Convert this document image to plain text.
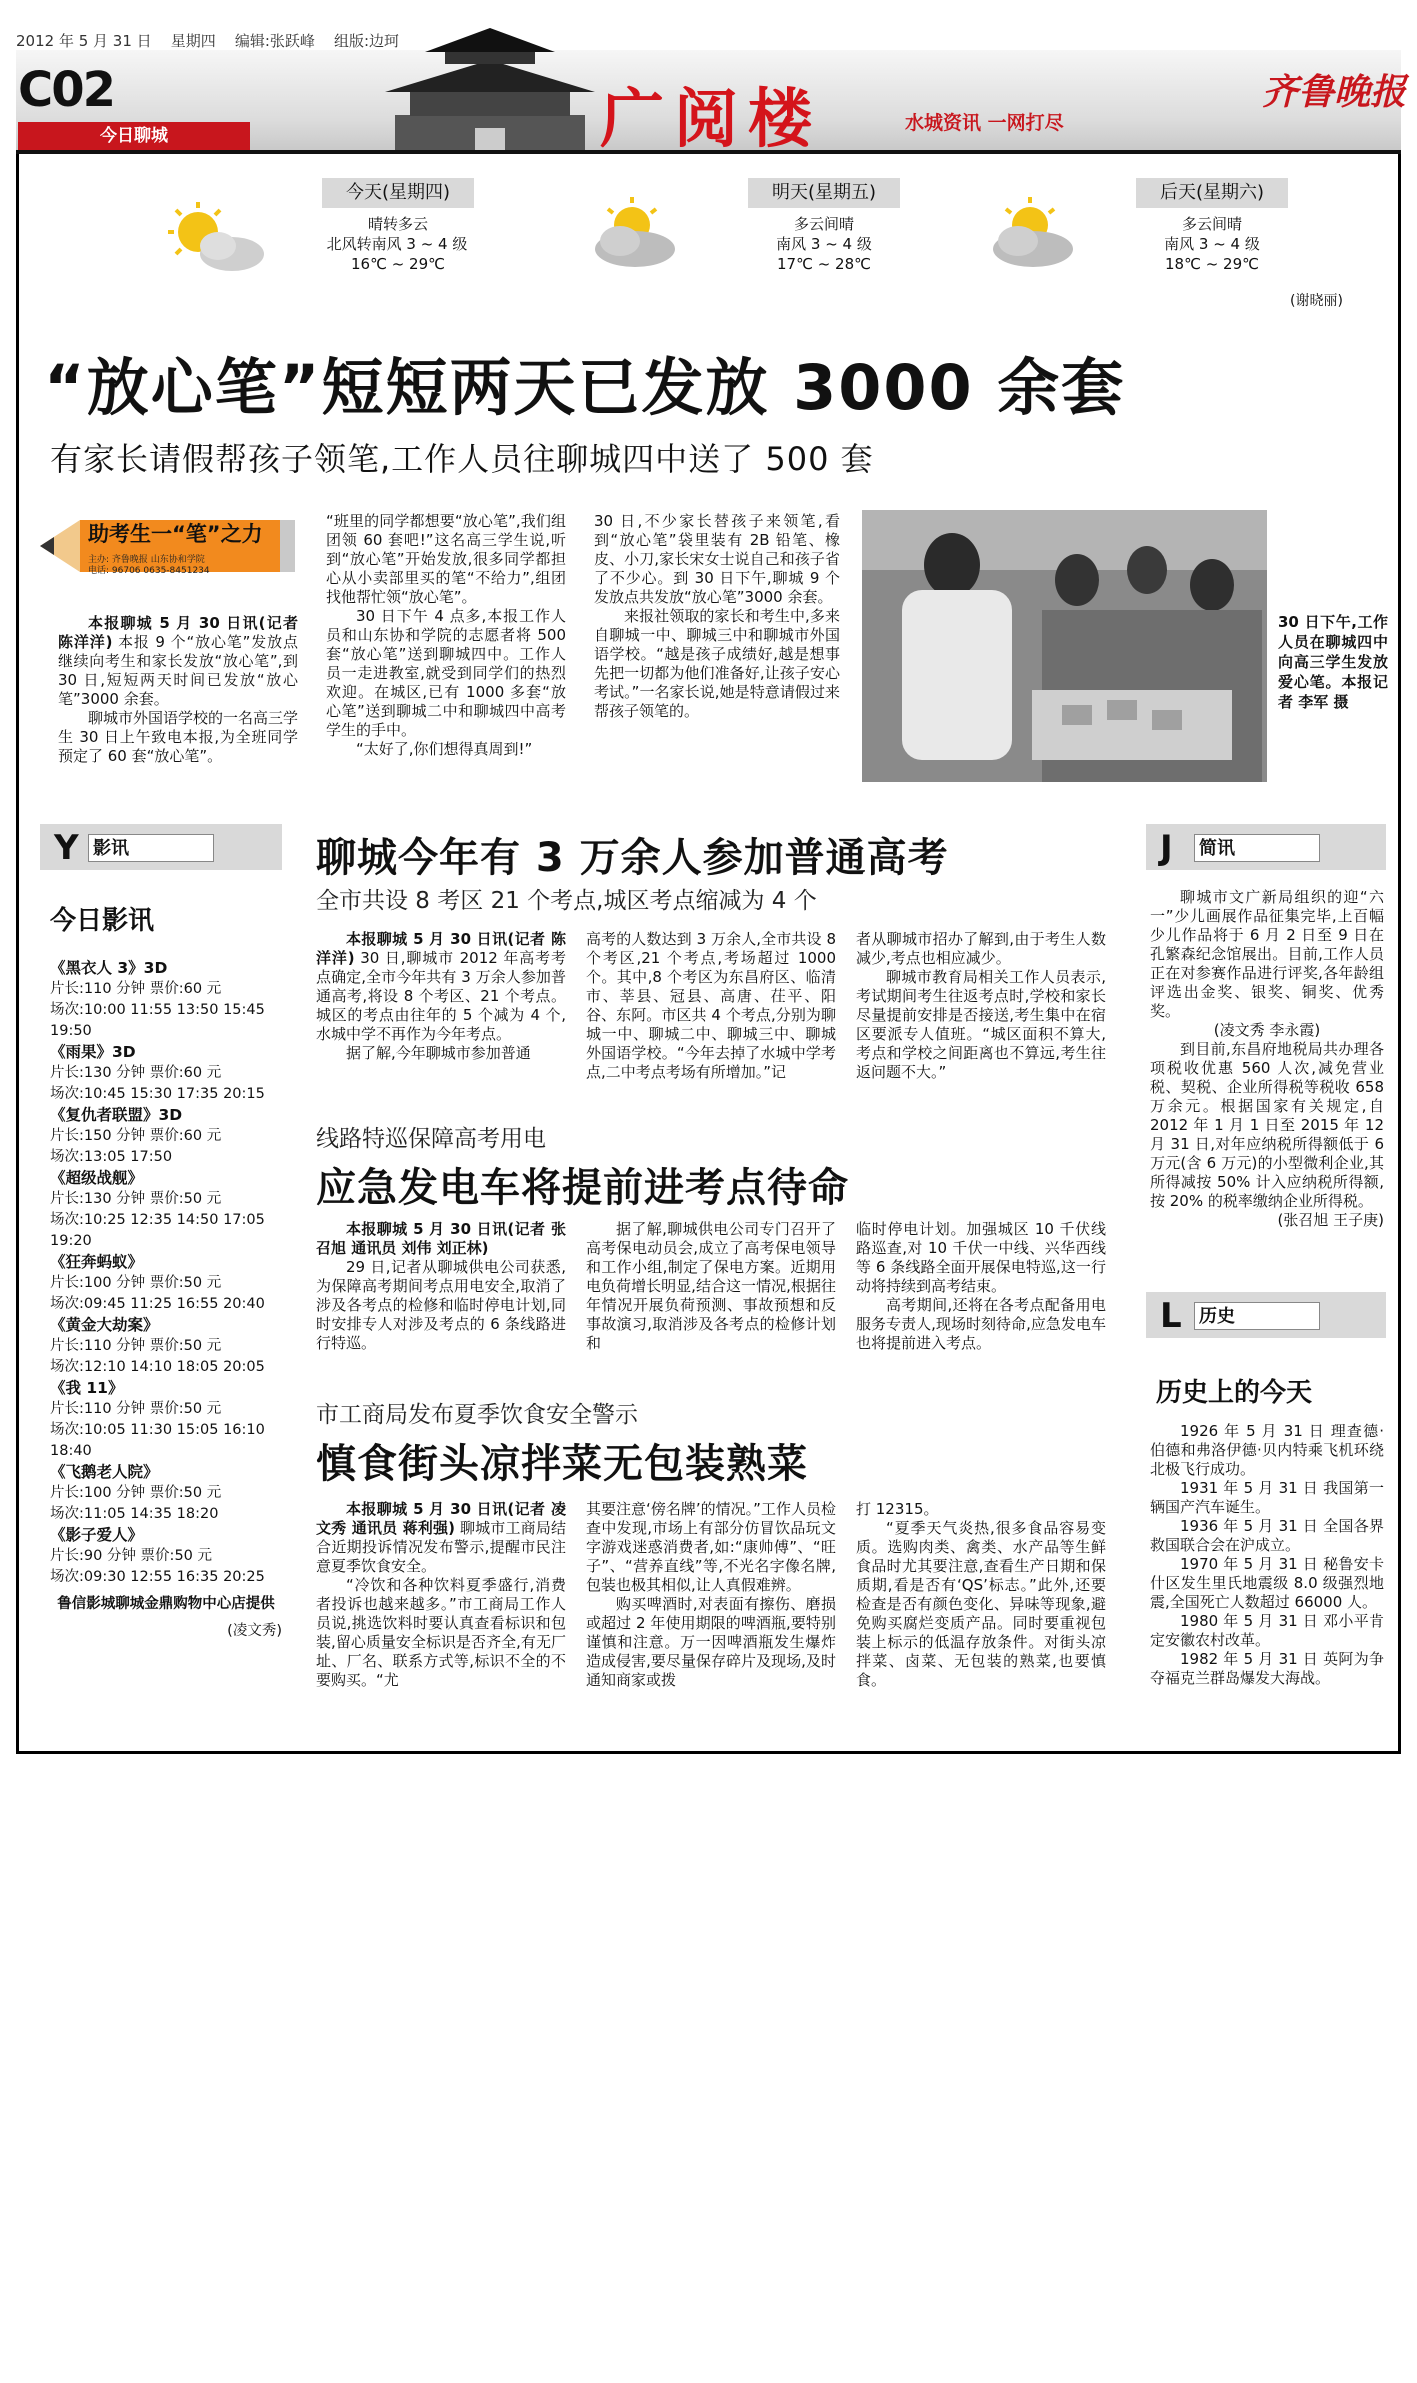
2012 年 5 月 31 日 星期四 编辑:张跃峰 组版:边珂
C02
今日聊城	广阅楼	水城资讯 一网打尽
齐鲁晚报
今天(星期四)
晴转多云
北风转南风 3 ~ 4 级
16℃ ~ 29℃
明天(星期五)
多云间晴
南风 3 ~ 4 级
17℃ ~ 28℃
后天(星期六)
多云间晴
南风 3 ~ 4 级
18℃ ~ 29℃
(谢晓丽)
“放心笔”短短两天已发放 3000 余套
有家长请假帮孩子领笔,工作人员往聊城四中送了 500 套
助考生一“笔”之力
主办: 齐鲁晚报 山东协和学院
电话: 96706 0635-8451234

本报聊城 5 月 30 日讯(记者 陈洋洋) 本报 9 个“放心笔”发放点继续向考生和家长发放“放心笔”,到 30 日,短短两天时间已发放“放心笔”3000 余套。

聊城市外国语学校的一名高三学生 30 日上午致电本报,为全班同学预定了 60 套“放心笔”。

“班里的同学都想要“放心笔”,我们组团领 60 套吧!”这名高三学生说,听到“放心笔”开始发放,很多同学都担心从小卖部里买的笔“不给力”,组团找他帮忙领“放心笔”。

30 日下午 4 点多,本报工作人员和山东协和学院的志愿者将 500 套“放心笔”送到聊城四中。工作人员一走进教室,就受到同学们的热烈欢迎。在城区,已有 1000 多套“放心笔”送到聊城二中和聊城四中高考学生的手中。

“太好了,你们想得真周到!”

30 日,不少家长替孩子来领笔,看到“放心笔”袋里装有 2B 铅笔、橡皮、小刀,家长宋女士说自己和孩子省了不少心。到 30 日下午,聊城 9 个发放点共发放“放心笔”3000 余套。

来报社领取的家长和考生中,多来自聊城一中、聊城三中和聊城市外国语学校。“越是孩子成绩好,越是想事先把一切都为他们准备好,让孩子安心考试。”一名家长说,她是特意请假过来帮孩子领笔的。

30 日下午,工作人员在聊城四中向高三学生发放爱心笔。本报记者 李军 摄
Y 影讯
今日影讯
《黑衣人 3》3D
片长:110 分钟 票价:60 元
场次:10:00 11:55 13:50 15:45 19:50
《雨果》3D
片长:130 分钟 票价:60 元
场次:10:45 15:30 17:35 20:15
《复仇者联盟》3D
片长:150 分钟 票价:60 元
场次:13:05 17:50
《超级战舰》
片长:130 分钟 票价:50 元
场次:10:25 12:35 14:50 17:05 19:20
《狂奔蚂蚁》
片长:100 分钟 票价:50 元
场次:09:45 11:25 16:55 20:40
《黄金大劫案》
片长:110 分钟 票价:50 元
场次:12:10 14:10 18:05 20:05
《我 11》
片长:110 分钟 票价:50 元
场次:10:05 11:30 15:05 16:10 18:40
《飞鹅老人院》
片长:100 分钟 票价:50 元
场次:11:05 14:35 18:20
《影子爱人》
片长:90 分钟 票价:50 元
场次:09:30 12:55 16:35 20:25
鲁信影城聊城金鼎购物中心店提供
(凌文秀)
聊城今年有 3 万余人参加普通高考
全市共设 8 考区 21 个考点,城区考点缩减为 4 个

本报聊城 5 月 30 日讯(记者 陈洋洋) 30 日,聊城市 2012 年高考考点确定,全市今年共有 3 万余人参加普通高考,将设 8 个考区、21 个考点。城区的考点由往年的 5 个减为 4 个,水城中学不再作为今年考点。

据了解,今年聊城市参加普通

高考的人数达到 3 万余人,全市共设 8 个考区,21 个考点,考场超过 1000 个。其中,8 个考区为东昌府区、临清市、莘县、冠县、高唐、茌平、阳谷、东阿。市区共 4 个考点,分别为聊城一中、聊城二中、聊城三中、聊城外国语学校。“今年去掉了水城中学考点,二中考点考场有所增加。”记

者从聊城市招办了解到,由于考生人数减少,考点也相应减少。

聊城市教育局相关工作人员表示,考试期间考生往返考点时,学校和家长尽量提前安排是否接送,考生集中在宿区要派专人值班。“城区面积不算大,考点和学校之间距离也不算远,考生往返问题不大。”

线路特巡保障高考用电
应急发电车将提前进考点待命

本报聊城 5 月 30 日讯(记者 张召旭 通讯员 刘伟 刘正林)

29 日,记者从聊城供电公司获悉,为保障高考期间考点用电安全,取消了涉及各考点的检修和临时停电计划,同时安排专人对涉及考点的 6 条线路进行特巡。

据了解,聊城供电公司专门召开了高考保电动员会,成立了高考保电领导和工作小组,制定了保电方案。近期用电负荷增长明显,结合这一情况,根据往年情况开展负荷预测、事故预想和反事故演习,取消涉及各考点的检修计划和

临时停电计划。加强城区 10 千伏线路巡查,对 10 千伏一中线、兴华西线等 6 条线路全面开展保电特巡,这一行动将持续到高考结束。

高考期间,还将在各考点配备用电服务专责人,现场时刻待命,应急发电车也将提前进入考点。

市工商局发布夏季饮食安全警示
慎食街头凉拌菜无包装熟菜

本报聊城 5 月 30 日讯(记者 凌文秀 通讯员 蒋利强) 聊城市工商局结合近期投诉情况发布警示,提醒市民注意夏季饮食安全。

“冷饮和各种饮料夏季盛行,消费者投诉也越来越多。”市工商局工作人员说,挑选饮料时要认真查看标识和包装,留心质量安全标识是否齐全,有无厂址、厂名、联系方式等,标识不全的不要购买。“尤

其要注意‘傍名牌’的情况。”工作人员检查中发现,市场上有部分仿冒饮品玩文字游戏迷惑消费者,如:“康帅傅”、“旺子”、“营养直线”等,不光名字像名牌,包装也极其相似,让人真假难辨。

购买啤酒时,对表面有擦伤、磨损或超过 2 年使用期限的啤酒瓶,要特别谨慎和注意。万一因啤酒瓶发生爆炸造成侵害,要尽量保存碎片及现场,及时通知商家或拨

打 12315。

“夏季天气炎热,很多食品容易变质。选购肉类、禽类、水产品等生鲜食品时尤其要注意,查看生产日期和保质期,看是否有‘QS’标志。”此外,还要检查是否有颜色变化、异味等现象,避免购买腐烂变质产品。同时要重视包装上标示的低温存放条件。对街头凉拌菜、卤菜、无包装的熟菜,也要慎食。

J 简讯

聊城市文广新局组织的迎“六一”少儿画展作品征集完毕,上百幅少儿作品将于 6 月 2 日至 9 日在孔繁森纪念馆展出。目前,工作人员正在对参赛作品进行评奖,各年龄组评选出金奖、银奖、铜奖、优秀奖。

(凌文秀 李永霞)

到目前,东昌府地税局共办理各项税收优惠 560 人次,减免营业税、契税、企业所得税等税收 658 万余元。根据国家有关规定,自 2012 年 1 月 1 日至 2015 年 12 月 31 日,对年应纳税所得额低于 6 万元(含 6 万元)的小型微利企业,其所得减按 50% 计入应纳税所得额,按 20% 的税率缴纳企业所得税。

(张召旭 王子庚)
L 历史
历史上的今天

1926 年 5 月 31 日 理查德·伯德和弗洛伊德·贝内特乘飞机环绕北极飞行成功。

1931 年 5 月 31 日 我国第一辆国产汽车诞生。

1936 年 5 月 31 日 全国各界救国联合会在沪成立。

1970 年 5 月 31 日 秘鲁安卡什区发生里氏地震级 8.0 级强烈地震,全国死亡人数超过 66000 人。

1980 年 5 月 31 日 邓小平肯定安徽农村改革。

1982 年 5 月 31 日 英阿为争夺福克兰群岛爆发大海战。
